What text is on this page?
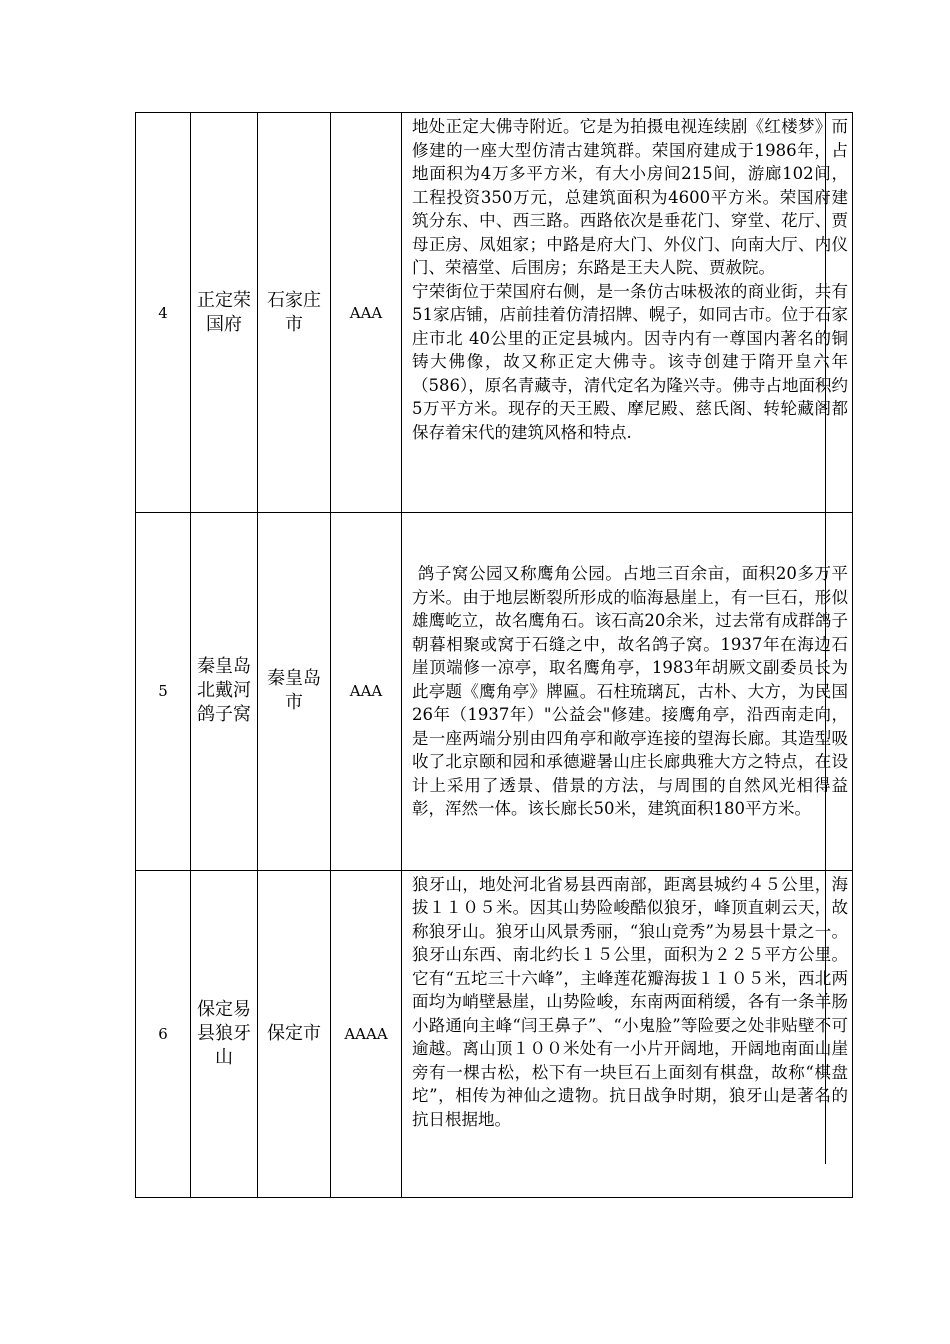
4	正定荣国府	石家庄市	AAA	地处正定大佛寺附近。它是为拍摄电视连续剧《红楼梦》而修建的一座大型仿清古建筑群。荣国府建成于1986年，占地面积为4万多平方米，有大小房间215间，游廊102间，工程投资350万元，总建筑面积为4600平方米。荣国府建筑分东、中、西三路。西路依次是垂花门、穿堂、花厅、贾母正房、凤姐家；中路是府大门、外仪门、向南大厅、内仪门、荣禧堂、后围房；东路是王夫人院、贾赦院。

宁荣街位于荣国府右侧，是一条仿古味极浓的商业街，共有51家店铺，店前挂着仿清招牌、幌子，如同古市。位于石家庄市北 40公里的正定县城内。因寺内有一尊国内著名的铜铸大佛像，故又称正定大佛寺。该寺创建于隋开皇六年（586），原名青藏寺，清代定名为隆兴寺。佛寺占地面积约5万平方米。现存的天王殿、摩尼殿、慈氏阁、转轮藏阁都保存着宋代的建筑风格和特点.

5	秦皇岛北戴河鸽子窝	秦皇岛市	AAA	鸽子窝公园又称鹰角公园。占地三百余亩，面积20多万平方米。由于地层断裂所形成的临海悬崖上，有一巨石，形似雄鹰屹立，故名鹰角石。该石高20余米，过去常有成群鸽子朝暮相聚或窝于石缝之中，故名鸽子窝。1937年在海边石崖顶端修一凉亭，取名鹰角亭，1983年胡厥文副委员长为此亭题《鹰角亭》牌匾。石柱琉璃瓦，古朴、大方，为民国26年（1937年）"公益会"修建。接鹰角亭，沿西南走向，是一座两端分别由四角亭和敞亭连接的望海长廊。其造型吸收了北京颐和园和承德避暑山庄长廊典雅大方之特点，在设计上采用了透景、借景的方法，与周围的自然风光相得益彰，浑然一体。该长廊长50米，建筑面积180平方米。

6	保定易县狼牙山	保定市	AAAA	狼牙山，地处河北省易县西南部，距离县城约４５公里，海拔１１０５米。因其山势险峻酷似狼牙，峰顶直刺云天，故称狼牙山。狼牙山风景秀丽，“狼山竞秀”为易县十景之一。狼牙山东西、南北约长１５公里，面积为２２５平方公里。它有“五坨三十六峰”，主峰莲花瓣海拔１１０５米，西北两面均为峭壁悬崖，山势险峻，东南两面稍缓，各有一条羊肠小路通向主峰“闫王鼻子”、“小鬼脸”等险要之处非贴壁不可逾越。离山顶１００米处有一小片开阔地，开阔地南面山崖旁有一棵古松，松下有一块巨石上面刻有棋盘，故称“棋盘坨”，相传为神仙之遗物。抗日战争时期，狼牙山是著名的抗日根据地。
